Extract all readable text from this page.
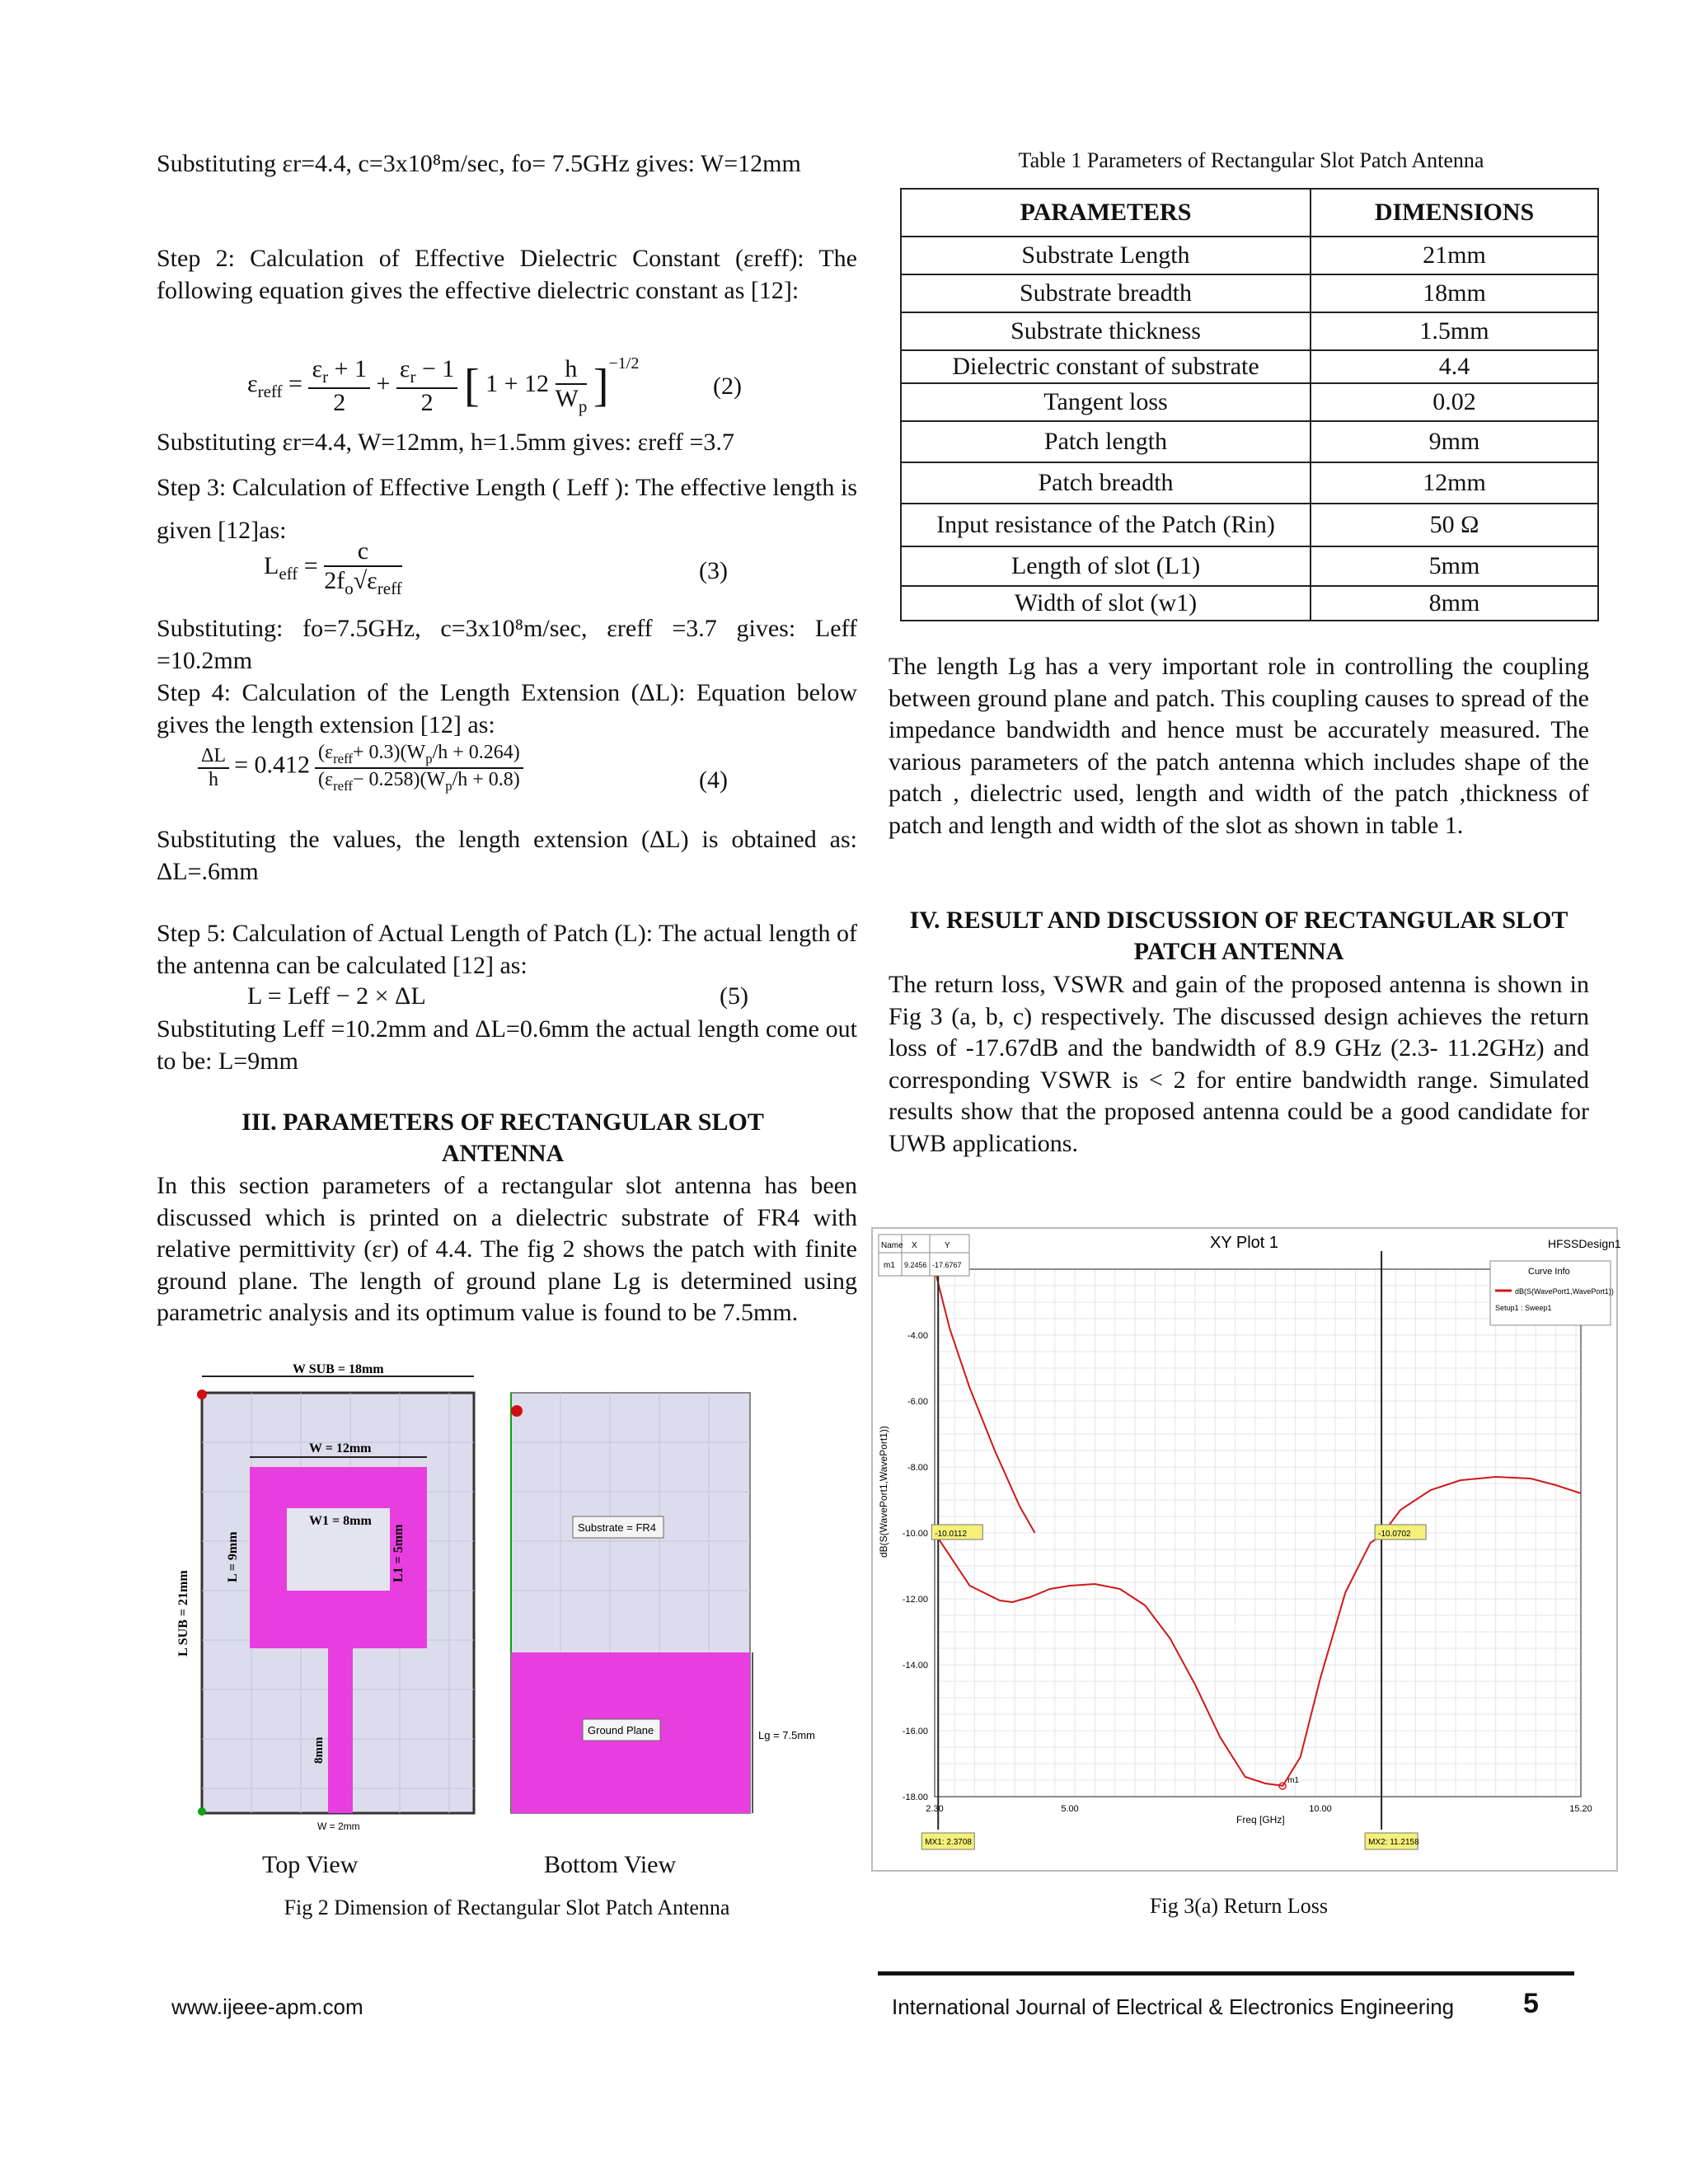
Substituting εr=4.4, c=3x10⁸m/sec, fo= 7.5GHz gives: W=12mm

Step 2: Calculation of Effective Dielectric Constant (εreff): The following equation gives the effective dielectric constant as [12]:

$\varepsilon_{reff} = \frac{\varepsilon_r + 1}{2} + \frac{\varepsilon_r - 1}{2}$ [ $1 + 12 \frac{h}{W_p} ]^{-1/2}$
(2)

Substituting εr=4.4, W=12mm, h=1.5mm gives: εreff =3.7

Step 3: Calculation of Effective Length ( Leff ): The effective length is given [12]as:

$L_{eff} = \frac{c}{2f_o√\varepsilon_{reff}}$	(3)

Substituting: fo=7.5GHz, c=3x10⁸m/sec, εreff =3.7 gives: Leff =10.2mm

Step 4: Calculation of the Length Extension (ΔL): Equation below gives the length extension [12] as:

$\frac{\Delta L}{h} = 0.412 \frac{(\varepsilon_{reff}+ 0.3)(W_p/h + 0.264)}{(\varepsilon_{reff}- 0.258)(W_p/h + 0.8)}$	(4)

Substituting the values, the length extension (ΔL) is obtained as: ΔL=.6mm

Step 5: Calculation of Actual Length of Patch (L): The actual length of the antenna can be calculated [12] as:

L = Leff − 2 × ΔL	(5)

Substituting Leff =10.2mm and ΔL=0.6mm the actual length come out to be: L=9mm

III. PARAMETERS OF RECTANGULAR SLOT ANTENNA

In this section parameters of a rectangular slot antenna has been discussed which is printed on a dielectric substrate of FR4 with relative permittivity (εr) of 4.4. The fig 2 shows the patch with finite ground plane. The length of ground plane Lg is determined using parametric analysis and its optimum value is found to be 7.5mm.

W SUB = 18mm
W = 12mm
W1 = 8mm
L = 9mm	L1 = 5mm
L SUB = 21mm
8mm
W = 2mm
Substrate = FR4
Ground Plane	Lg = 7.5mm
Top View	Bottom View
Fig 2 Dimension of Rectangular Slot Patch Antenna
Table 1 Parameters of Rectangular Slot Patch Antenna
PARAMETERS	DIMENSIONS
Substrate Length	21mm
Substrate breadth	18mm
Substrate thickness	1.5mm
Dielectric constant of substrate	4.4
Tangent loss	0.02
Patch length	9mm
Patch breadth	12mm
Input resistance of the Patch (Rin)	50 Ω
Length of slot (L1)	5mm
Width of slot (w1)	8mm

The length Lg has a very important role in controlling the coupling between ground plane and patch. This coupling causes to spread of the impedance bandwidth and hence must be accurately measured. The various parameters of the patch antenna which includes shape of the patch , dielectric used, length and width of the patch ,thickness of patch and length and width of the slot as shown in table 1.

IV. RESULT AND DISCUSSION OF RECTANGULAR SLOT PATCH ANTENNA

The return loss, VSWR and gain of the proposed antenna is shown in Fig 3 (a, b, c) respectively. The discussed design achieves the return loss of -17.67dB and the bandwidth of 8.9 GHz (2.3- 11.2GHz) and corresponding VSWR is < 2 for entire bandwidth range. Simulated results show that the proposed antenna could be a good candidate for UWB applications.

-4.00
-6.00
-8.00
-10.00
-12.00
-14.00
-16.00
-18.00
2.30	5.00	10.00	15.20
-10.0112
MX1: 2.3708
-10.0702
MX2: 11.2158
m1
XY Plot 1	HFSSDesign1
Name X	Y
m1 9.2456 -17.6767
Curve Info
dB(S(WavePort1,WavePort1))
Setup1 : Sweep1
Freq [GHz]
dB(S(WavePort1,WavePort1))
Fig 3(a) Return Loss
www.ijeee-apm.com	International Journal of Electrical & Electronics Engineering 5
